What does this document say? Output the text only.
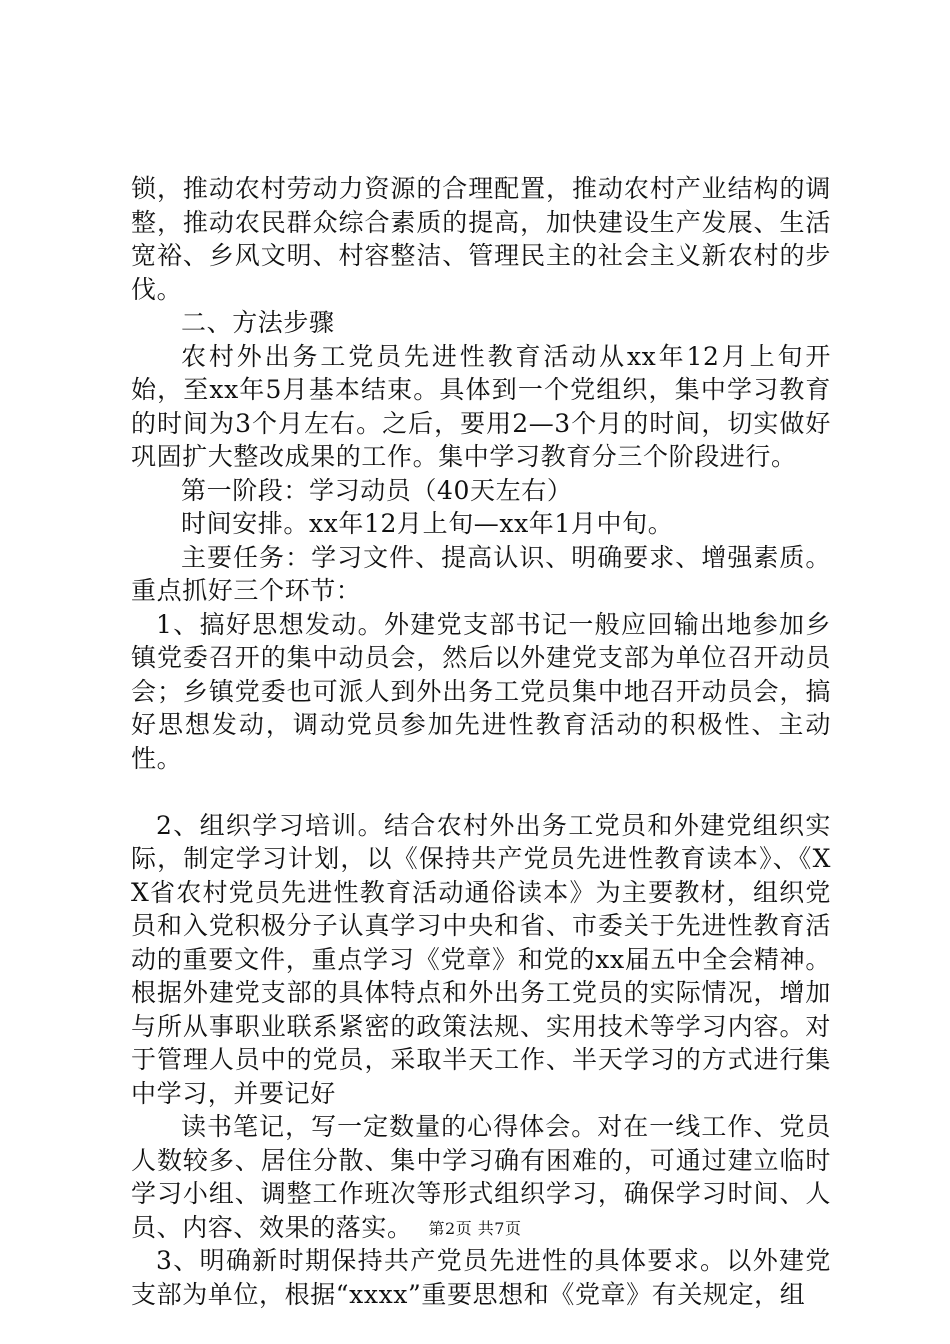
锁，推动农村劳动力资源的合理配置，推动农村产业结构的调整，推动农民群众综合素质的提高，加快建设生产发展、生活宽裕、乡风文明、村容整洁、管理民主的社会主义新农村的步伐。

二、方法步骤

农村外出务工党员先进性教育活动从xx年12月上旬开始，至xx年5月基本结束。具体到一个党组织，集中学习教育的时间为3个月左右。之后，要用2—3个月的时间，切实做好巩固扩大整改成果的工作。集中学习教育分三个阶段进行。

第一阶段：学习动员（40天左右）

时间安排。xx年12月上旬—xx年1月中旬。

主要任务：学习文件、提高认识、明确要求、增强素质。重点抓好三个环节：

1、搞好思想发动。外建党支部书记一般应回输出地参加乡镇党委召开的集中动员会，然后以外建党支部为单位召开动员会；乡镇党委也可派人到外出务工党员集中地召开动员会，搞好思想发动，调动党员参加先进性教育活动的积极性、主动性。

2、组织学习培训。结合农村外出务工党员和外建党组织实际，制定学习计划，以《保持共产党员先进性教育读本》、《XX省农村党员先进性教育活动通俗读本》为主要教材，组织党员和入党积极分子认真学习中央和省、市委关于先进性教育活动的重要文件，重点学习《党章》和党的xx届五中全会精神。根据外建党支部的具体特点和外出务工党员的实际情况，增加与所从事职业联系紧密的政策法规、实用技术等学习内容。对于管理人员中的党员，采取半天工作、半天学习的方式进行集中学习，并要记好

读书笔记，写一定数量的心得体会。对在一线工作、党员人数较多、居住分散、集中学习确有困难的，可通过建立临时学习小组、调整工作班次等形式组织学习，确保学习时间、人员、内容、效果的落实。

3、明确新时期保持共产党员先进性的具体要求。以外建党支部为单位，根据“xxxx”重要思想和《党章》有关规定，组

第2页 共7页
